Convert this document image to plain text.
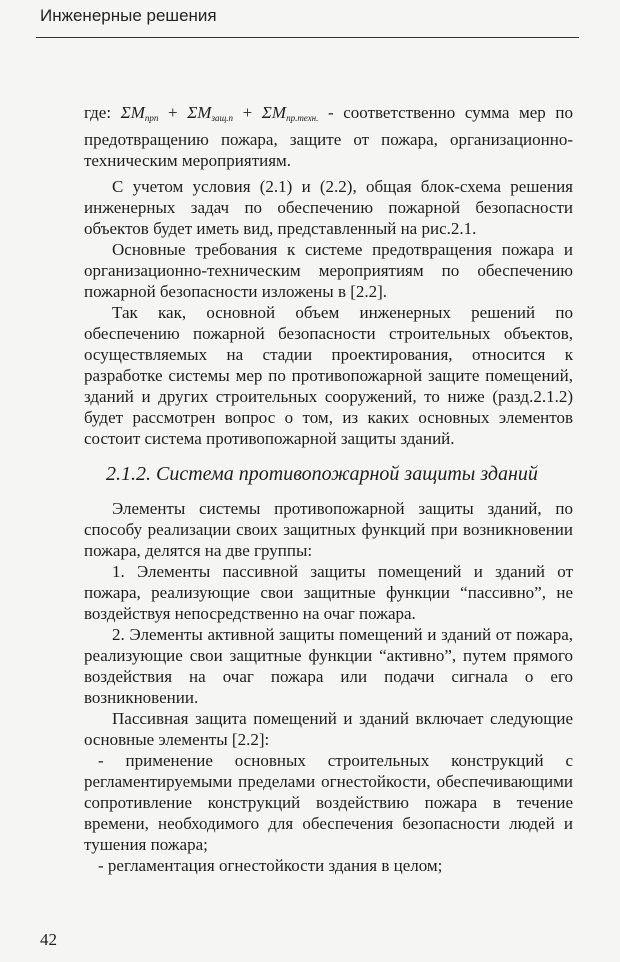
Инженерные решения

где: $\Sigma M_{прп} + \Sigma M_{защ.п} + \Sigma M_{пр.техн.}$ - соответственно сумма мер по предотвращению пожара, защите от пожара, организационно-техническим мероприятиям.

С учетом условия (2.1) и (2.2), общая блок-схема решения инженерных задач по обеспечению пожарной безопасности объектов будет иметь вид, представленный на рис.2.1.

Основные требования к системе предотвращения пожара и организационно-техническим мероприятиям по обеспечению пожарной безопасности изложены в [2.2].

Так как, основной объем инженерных решений по обеспечению пожарной безопасности строительных объектов, осуществляемых на стадии проектирования, относится к разработке системы мер по противопожарной защите помещений, зданий и других строительных сооружений, то ниже (разд.2.1.2) будет рассмотрен вопрос о том, из каких основных элементов состоит система противопожарной защиты зданий.

2.1.2. Система противопожарной защиты зданий

Элементы системы противопожарной защиты зданий, по способу реализации своих защитных функций при возникновении пожара, делятся на две группы:

1. Элементы пассивной защиты помещений и зданий от пожара, реализующие свои защитные функции “пассивно”, не воздействуя непосредственно на очаг пожара.

2. Элементы активной защиты помещений и зданий от пожара, реализующие свои защитные функции “активно”, путем прямого воздействия на очаг пожара или подачи сигнала о его возникновении.

Пассивная защита помещений и зданий включает следующие основные элементы [2.2]:

- применение основных строительных конструкций с регламентируемыми пределами огнестойкости, обеспечивающими сопротивление конструкций воздействию пожара в течение времени, необходимого для обеспечения безопасности людей и тушения пожара;

- регламентация огнестойкости здания в целом;

42
